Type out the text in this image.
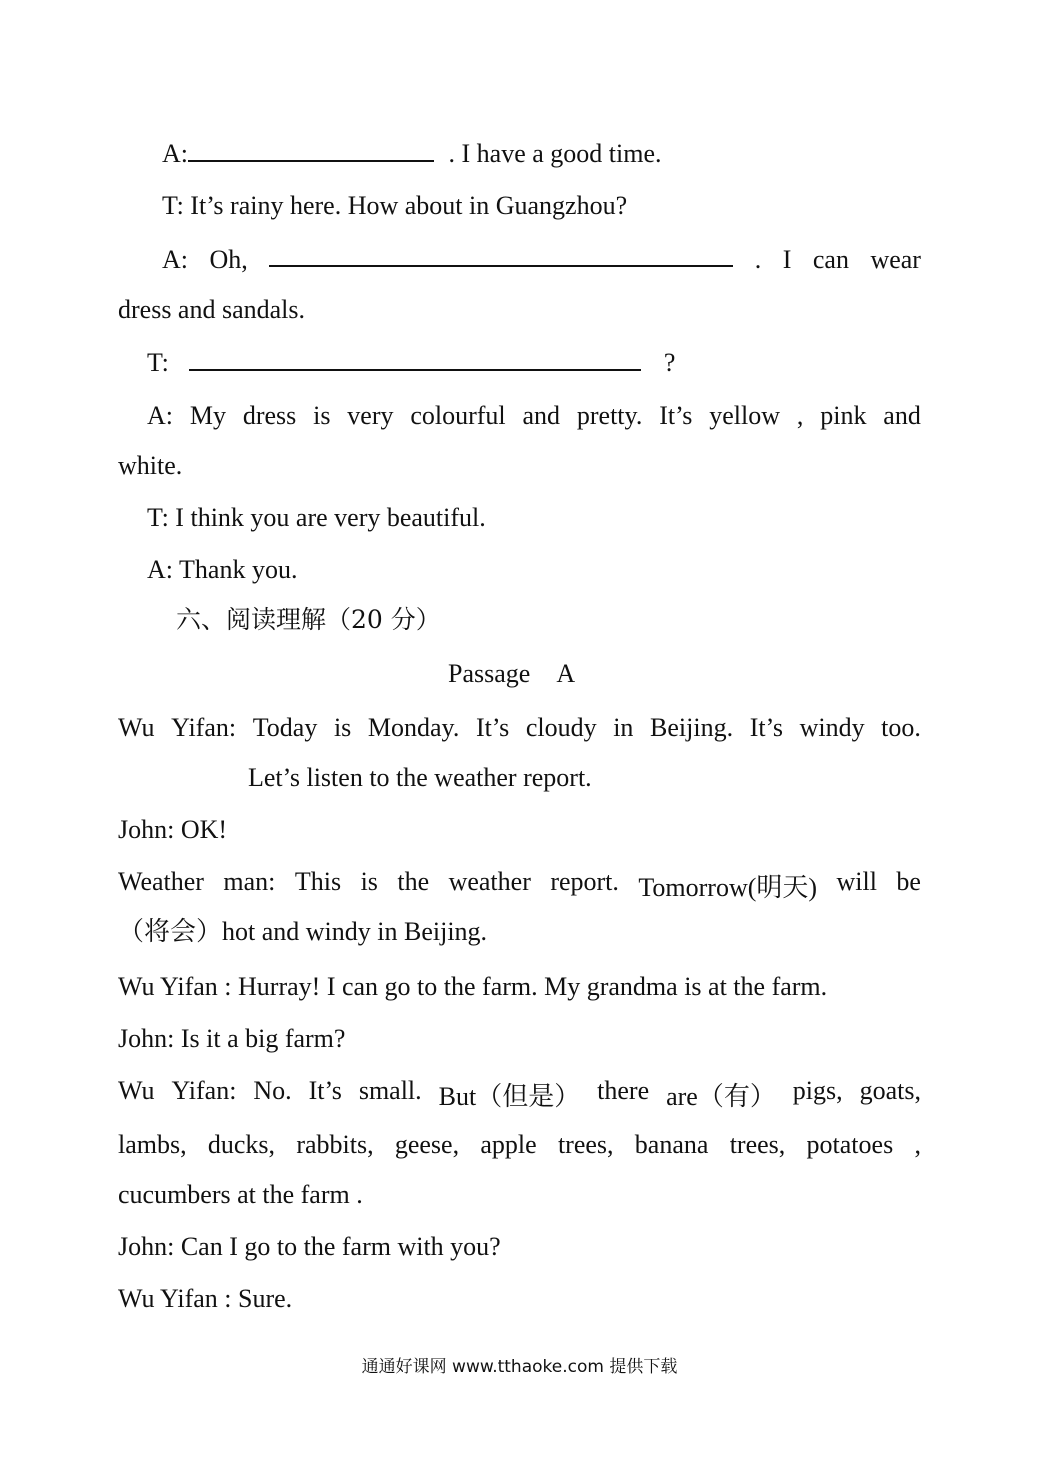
A:	. I have a good time.
T: It’s rainy here. How about in Guangzhou?
A: Oh,	. I can wear
dress and sandals.
T:	?
A: My dress is very colourful and pretty. It’s yellow , pink and
white.
T: I think you are very beautiful.
A: Thank you.
六、阅读理解（20 分）
Passage　A
Wu Yifan: Today is Monday. It’s cloudy in Beijing. It’s windy too.
Let’s listen to the weather report.
John: OK!
Weather man: This is the weather report. Tomorrow(明天) will be
（将会）hot and windy in Beijing.
Wu Yifan : Hurray! I can go to the farm. My grandma is at the farm.
John: Is it a big farm?
Wu Yifan: No. It’s small. But（但是） there are（有） pigs, goats,
lambs, ducks, rabbits, geese, apple trees, banana trees, potatoes ,
cucumbers at the farm .
John: Can I go to the farm with you?
Wu Yifan : Sure.
通通好课网 www.tthaoke.com 提供下载
